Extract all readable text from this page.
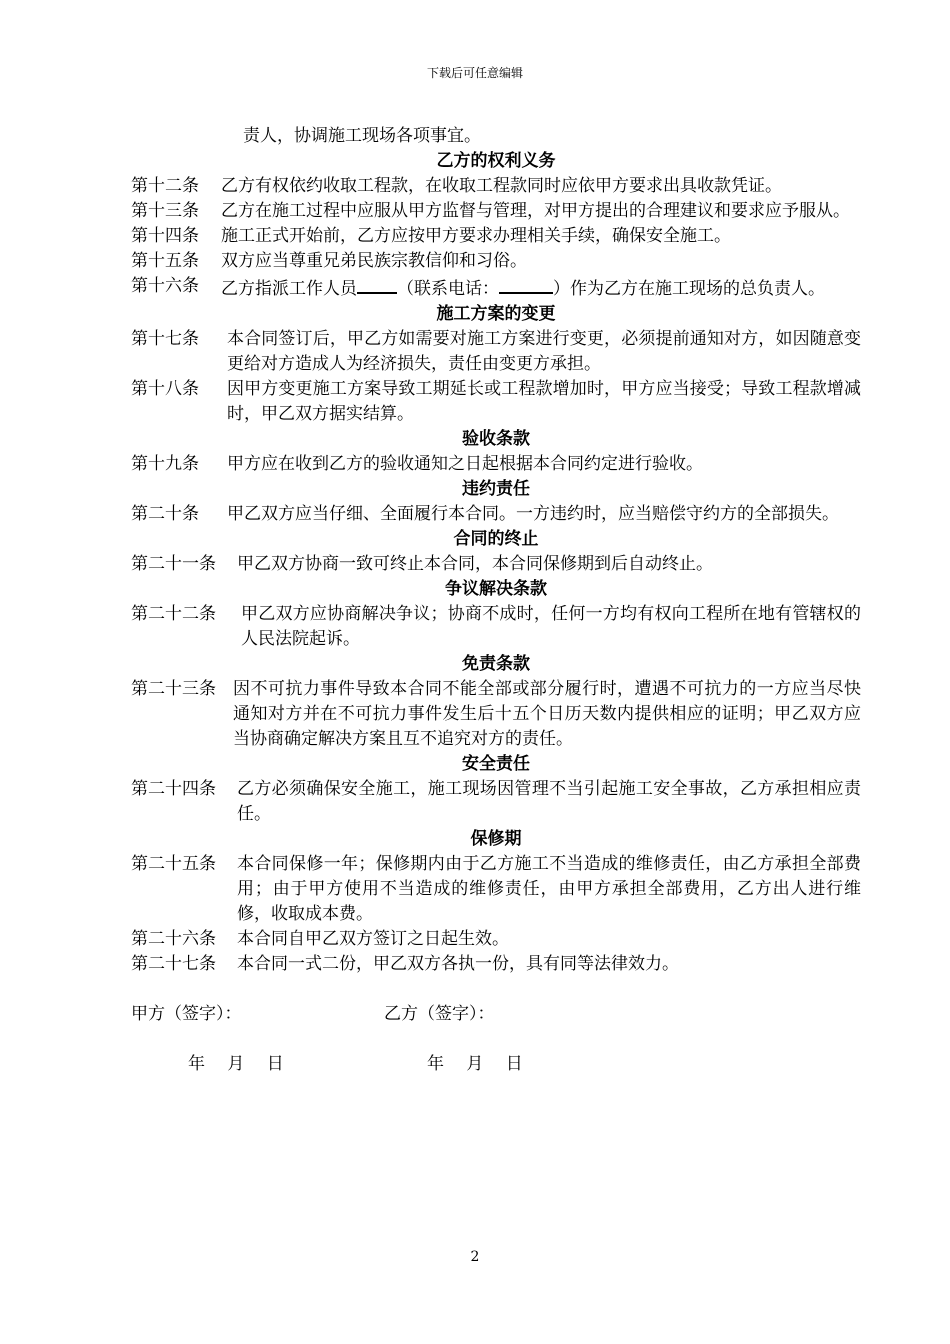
下载后可任意编辑
责人，协调施工现场各项事宜。
乙方的权利义务
第十二条	乙方有权依约收取工程款，在收取工程款同时应依甲方要求出具收款凭证。
第十三条	乙方在施工过程中应服从甲方监督与管理，对甲方提出的合理建议和要求应予服从。
第十四条	施工正式开始前，乙方应按甲方要求办理相关手续，确保安全施工。
第十五条	双方应当尊重兄弟民族宗教信仰和习俗。
第十六条	乙方指派工作人员 （联系电话：	）作为乙方在施工现场的总负责人。
施工方案的变更
第十七条	本合同签订后，甲乙方如需要对施工方案进行变更，必须提前通知对方，如因随意变更给对方造成人为经济损失，责任由变更方承担。
第十八条	因甲方变更施工方案导致工期延长或工程款增加时，甲方应当接受；导致工程款增减时，甲乙双方据实结算。
验收条款
第十九条	甲方应在收到乙方的验收通知之日起根据本合同约定进行验收。
违约责任
第二十条	甲乙双方应当仔细、全面履行本合同。一方违约时，应当赔偿守约方的全部损失。
合同的终止
第二十一条	甲乙双方协商一致可终止本合同，本合同保修期到后自动终止。
争议解决条款
第二十二条	甲乙双方应协商解决争议；协商不成时，任何一方均有权向工程所在地有管辖权的人民法院起诉。
免责条款
第二十三条	因不可抗力事件导致本合同不能全部或部分履行时，遭遇不可抗力的一方应当尽快通知对方并在不可抗力事件发生后十五个日历天数内提供相应的证明；甲乙双方应当协商确定解决方案且互不追究对方的责任。
安全责任
第二十四条	乙方必须确保安全施工，施工现场因管理不当引起施工安全事故，乙方承担相应责任。
保修期
第二十五条	本合同保修一年；保修期内由于乙方施工不当造成的维修责任，由乙方承担全部费用；由于甲方使用不当造成的维修责任，由甲方承担全部费用，乙方出人进行维修，收取成本费。
第二十六条	本合同自甲乙双方签订之日起生效。
第二十七条	本合同一式二份，甲乙双方各执一份，具有同等法律效力。
甲方（签字）：	乙方（签字）：
年　 月 　日	年　 月　 日
2
